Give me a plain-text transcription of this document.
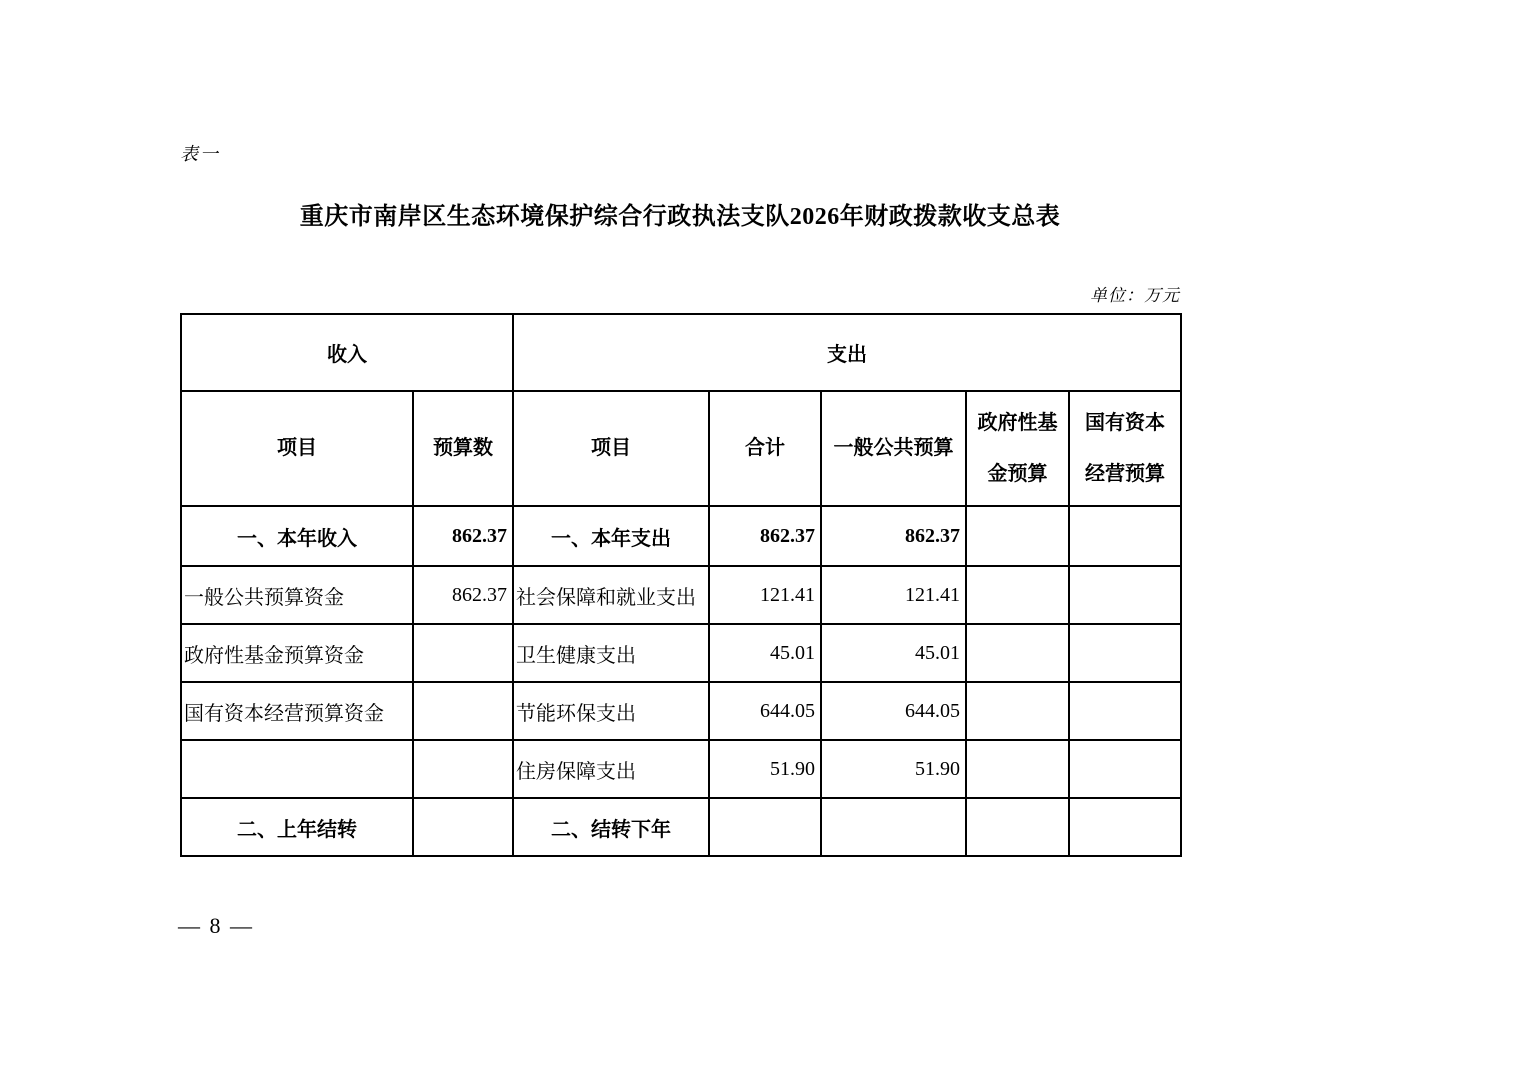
表一
重庆市南岸区生态环境保护综合行政执法支队2026年财政拨款收支总表
单位：万元
收入		支出				
项目	预算数	项目	合计	一般公共预算	政府性基金预算	国有资本经营预算
一、本年收入	862.37	一、本年支出	862.37	862.37		
一般公共预算资金	862.37	社会保障和就业支出	121.41	121.41		
政府性基金预算资金		卫生健康支出	45.01	45.01		
国有资本经营预算资金		节能环保支出	644.05	644.05		
		住房保障支出	51.90	51.90		
二、上年结转		二、结转下年				
— 8 —
